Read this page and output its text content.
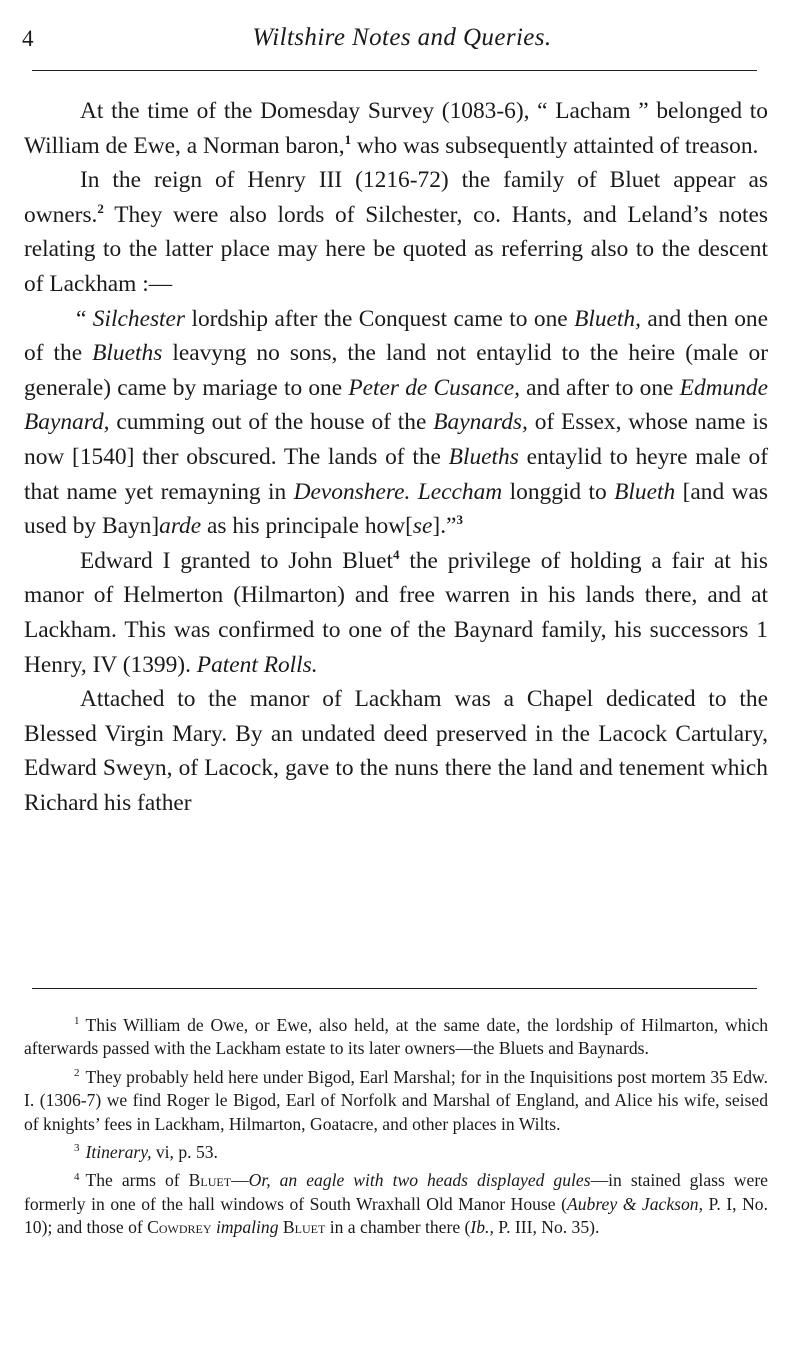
4	Wiltshire Notes and Queries.

At the time of the Domesday Survey (1083-6), “ Lacham ” belonged to William de Ewe, a Norman baron,$^1$ who was subsequently attainted of treason.

In the reign of Henry III (1216-72) the family of Bluet appear as owners.$^2$ They were also lords of Silchester, co. Hants, and Leland’s notes relating to the latter place may here be quoted as referring also to the descent of Lackham :—

“ Silchester lordship after the Conquest came to one Blueth, and then one of the Blueths leavyng no sons, the land not entaylid to the heire (male or generale) came by mariage to one Peter de Cusance, and after to one Edmunde Baynard, cumming out of the house of the Baynards, of Essex, whose name is now [1540] ther obscured. The lands of the Blueths entaylid to heyre male of that name yet remayning in Devonshere. Leccham longgid to Blueth [and was used by Bayn]arde as his principale how[se].”$^3$

Edward I granted to John Bluet$^4$ the privilege of holding a fair at his manor of Helmerton (Hilmarton) and free warren in his lands there, and at Lackham. This was confirmed to one of the Baynard family, his successors 1 Henry, IV (1399). Patent Rolls.

Attached to the manor of Lackham was a Chapel dedicated to the Blessed Virgin Mary. By an undated deed preserved in the Lacock Cartulary, Edward Sweyn, of Lacock, gave to the nuns there the land and tenement which Richard his father

$^1$ This William de Owe, or Ewe, also held, at the same date, the lordship of Hilmarton, which afterwards passed with the Lackham estate to its later owners—the Bluets and Baynards.

$^2$ They probably held here under Bigod, Earl Marshal; for in the Inquisitions post mortem 35 Edw. I. (1306-7) we find Roger le Bigod, Earl of Norfolk and Marshal of England, and Alice his wife, seised of knights’ fees in Lackham, Hilmarton, Goatacre, and other places in Wilts.

$^3$ Itinerary, vi, p. 53.

$^4$ The arms of Bluet—Or, an eagle with two heads displayed gules—in stained glass were formerly in one of the hall windows of South Wraxhall Old Manor House (Aubrey & Jackson, P. I, No. 10); and those of Cowdrey impaling Bluet in a chamber there (Ib., P. III, No. 35).
